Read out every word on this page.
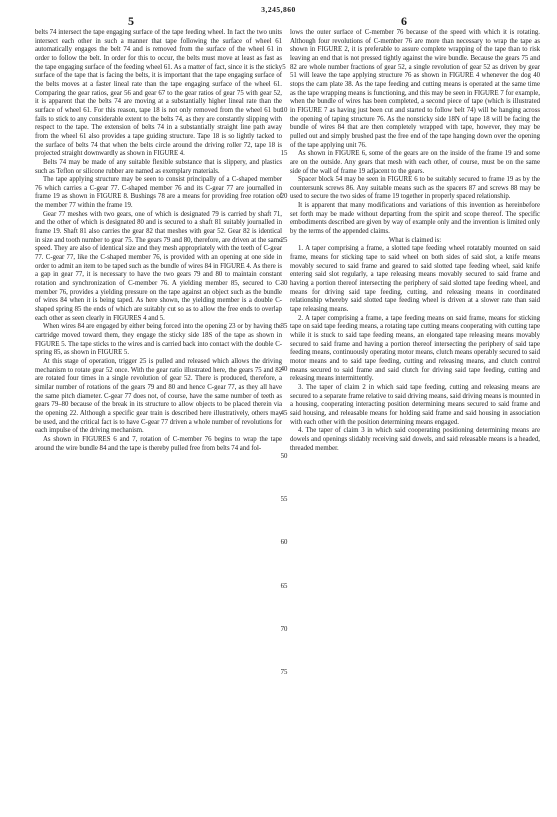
3,245,860
5	6

belts 74 intersect the tape engaging surface of the tape feeding wheel. In fact the two units intersect each other in such a manner that tape following the surface of wheel 61 automatically engages the belt 74 and is removed from the surface of the wheel 61 in order to follow the belt. In order for this to occur, the belts must move at least as fast as the tape engaging surface of the feeding wheel 61. As a matter of fact, since it is the sticky surface of the tape that is facing the belts, it is important that the tape engaging surface of the belts moves at a faster lineal rate than the tape engaging surface of the wheel 61. Comparing the gear ratios, gear 56 and gear 67 to the gear ratios of gear 75 with gear 52, it is apparent that the belts 74 are moving at a substantially higher lineal rate than the surface of wheel 61. For this reason, tape 18 is not only removed from the wheel 61 but fails to stick to any considerable extent to the belts 74, as they are constantly slipping with respect to the tape. The extension of belts 74 in a substantially straight line path away from the wheel 61 also provides a tape guiding structure. Tape 18 is so lightly tacked to the surface of belts 74 that when the belts circle around the driving roller 72, tape 18 is projected straight downwardly as shown in FIGURE 4.

Belts 74 may be made of any suitable flexible substance that is slippery, and plastics such as Teflon or silicone rubber are named as exemplary materials.

The tape applying structure may be seen to consist principally of a C-shaped member 76 which carries a C-gear 77. C-shaped member 76 and its C-gear 77 are journalled in frame 19 as shown in FIGURE 8. Bushings 78 are a means for providing free rotation of the member 77 within the frame 19.

Gear 77 meshes with two gears, one of which is designated 79 is carried by shaft 71, and the other of which is designated 80 and is secured to a shaft 81 suitably journalled in frame 19. Shaft 81 also carries the gear 82 that meshes with gear 52. Gear 82 is identical in size and tooth number to gear 75. The gears 79 and 80, therefore, are driven at the same speed. They are also of identical size and they mesh appropriately with the teeth of C-gear 77. C-gear 77, like the C-shaped member 76, is provided with an opening at one side in order to admit an item to be taped such as the bundle of wires 84 in FIGURE 4. As there is a gap in gear 77, it is necessary to have the two gears 79 and 80 to maintain constant rotation and synchronization of C-member 76. A yielding member 85, secured to C-member 76, provides a yielding pressure on the tape against an object such as the bundle of wires 84 when it is being taped. As here shown, the yielding member is a double C-shaped spring 85 the ends of which are suitably cut so as to allow the free ends to overlap each other as seen clearly in FIGURES 4 and 5.

When wires 84 are engaged by either being forced into the opening 23 or by having the cartridge moved toward them, they engage the sticky side 18S of the tape as shown in FIGURE 5. The tape sticks to the wires and is carried back into contact with the double C-spring 85, as shown in FIGURE 5.

At this stage of operation, trigger 25 is pulled and released which allows the driving mechanism to rotate gear 52 once. With the gear ratio illustrated here, the gears 75 and 82 are rotated four times in a single revolution of gear 52. There is produced, therefore, a similar number of rotations of the gears 79 and 80 and hence C-gear 77, as they all have the same pitch diameter. C-gear 77 does not, of course, have the same number of teeth as gears 79–80 because of the break in its structure to allow objects to be placed therein via the opening 22. Although a specific gear train is described here illustratively, others may be used, and the critical fact is to have C-gear 77 driven a whole number of revolutions for each impulse of the driving mechanism.

As shown in FIGURES 6 and 7, rotation of C-member 76 begins to wrap the tape around the wire bundle 84 and the tape is thereby pulled free from belts 74 and fol-

5
10
15
20
25
30
35
40
45
50
55
60
65
70
75

lows the outer surface of C-member 76 because of the speed with which it is rotating. Although four revolutions of C-member 76 are more than necessary to wrap the tape as shown in FIGURE 2, it is preferable to assure complete wrapping of the tape than to risk leaving an end that is not pressed tightly against the wire bundle. Because the gears 75 and 82 are whole number fractions of gear 52, a single revolution of gear 52 as driven by gear 51 will leave the tape applying structure 76 as shown in FIGURE 4 whenever the dog 40 stops the cam plate 38. As the tape feeding and cutting means is operated at the same time as the tape wrapping means is functioning, and this may be seen in FIGURE 7 for example, when the bundle of wires has been completed, a second piece of tape (which is illustrated in FIGURE 7 as having just been cut and started to follow belt 74) will be hanging across the opening of taping structure 76. As the nonsticky side 18N of tape 18 will be facing the bundle of wires 84 that are then completely wrapped with tape, however, they may be pulled out and simply brushed past the free end of the tape hanging down over the opening of the tape applying unit 76.

As shown in FIGURE 6, some of the gears are on the inside of the frame 19 and some are on the outside. Any gears that mesh with each other, of course, must be on the same side of the wall of frame 19 adjacent to the gears.

Spacer block 54 may be seen in FIGURE 6 to be suitably secured to frame 19 as by the countersunk screws 86. Any suitable means such as the spacers 87 and screws 88 may be used to secure the two sides of frame 19 together in properly spaced relationship.

It is apparent that many modifications and variations of this invention as hereinbefore set forth may be made without departing from the spirit and scope thereof. The specific embodiments described are given by way of example only and the invention is limited only by the terms of the appended claims.

What is claimed is:

1. A taper comprising a frame, a slotted tape feeding wheel rotatably mounted on said frame, means for sticking tape to said wheel on both sides of said slot, a knife means movably secured to said frame and geared to said slotted tape feeding wheel, said knife entering said slot regularly, a tape releasing means movably secured to said frame and having a portion thereof intersecting the periphery of said slotted tape feeding wheel, and means for driving said tape feeding, cutting, and releasing means in coordinated relationship whereby said slotted tape feeding wheel is driven at a slower rate than said tape releasing means.

2. A taper comprising a frame, a tape feeding means on said frame, means for sticking tape on said tape feeding means, a rotating tape cutting means cooperating with cutting tape while it is stuck to said tape feeding means, an elongated tape releasing means movably secured to said frame and having a portion thereof intersecting the periphery of said tape feeding means, continuously operating motor means, clutch means operably secured to said motor means and to said tape feeding, cutting and releasing means, and clutch control means secured to said frame and said clutch for driving said tape feeding, cutting and releasing means intermittently.

3. The taper of claim 2 in which said tape feeding, cutting and releasing means are secured to a separate frame relative to said driving means, said driving means is mounted in a housing, cooperating interacting position determining means secured to said frame and said housing, and releasable means for holding said frame and said housing in association with each other with the position determining means engaged.

4. The taper of claim 3 in which said cooperating positioning determining means are dowels and openings slidably receiving said dowels, and said releasable means is a headed, threaded member.
